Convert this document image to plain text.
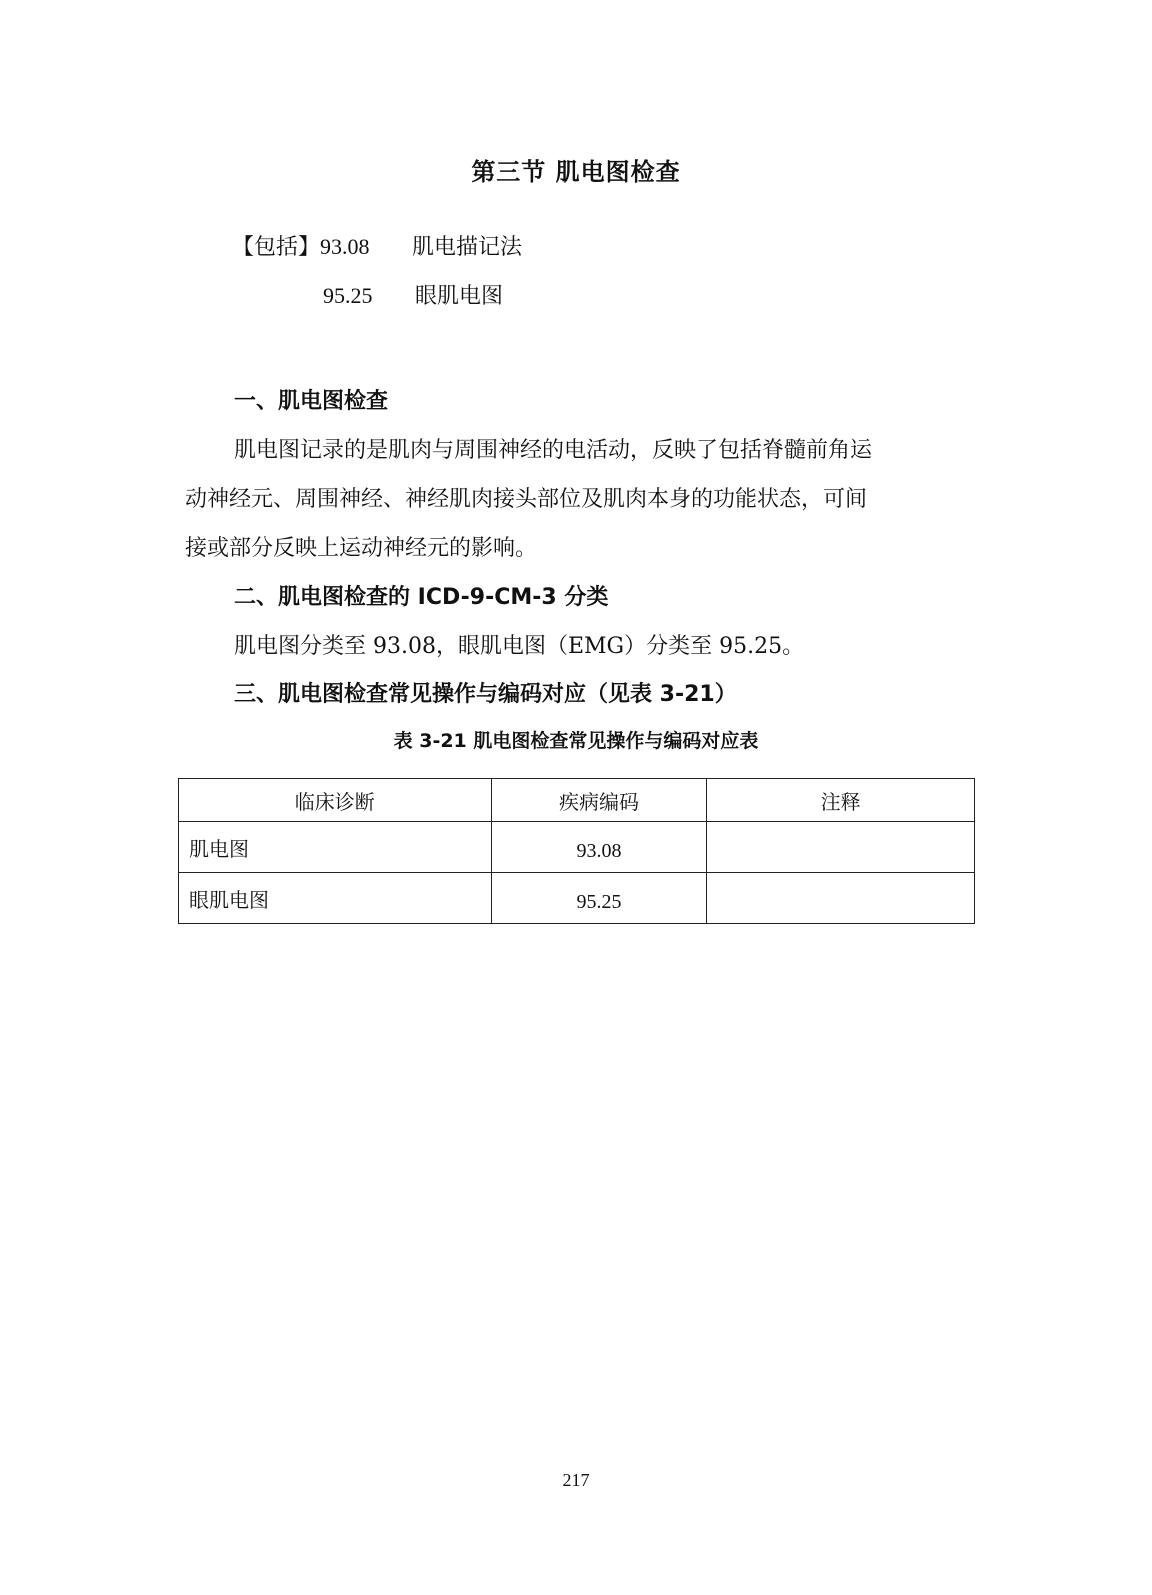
第三节 肌电图检查
【包括】93.08 肌电描记法
95.25 眼肌电图
一、肌电图检查
肌电图记录的是肌肉与周围神经的电活动，反映了包括脊髓前角运
动神经元、周围神经、神经肌肉接头部位及肌肉本身的功能状态，可间
接或部分反映上运动神经元的影响。
二、肌电图检查的 ICD-9-CM-3 分类
肌电图分类至 93.08，眼肌电图（EMG）分类至 95.25。
三、肌电图检查常见操作与编码对应（见表 3-21）
表 3-21 肌电图检查常见操作与编码对应表
临床诊断	疾病编码	注释
肌电图	93.08	
眼肌电图	95.25	
217
